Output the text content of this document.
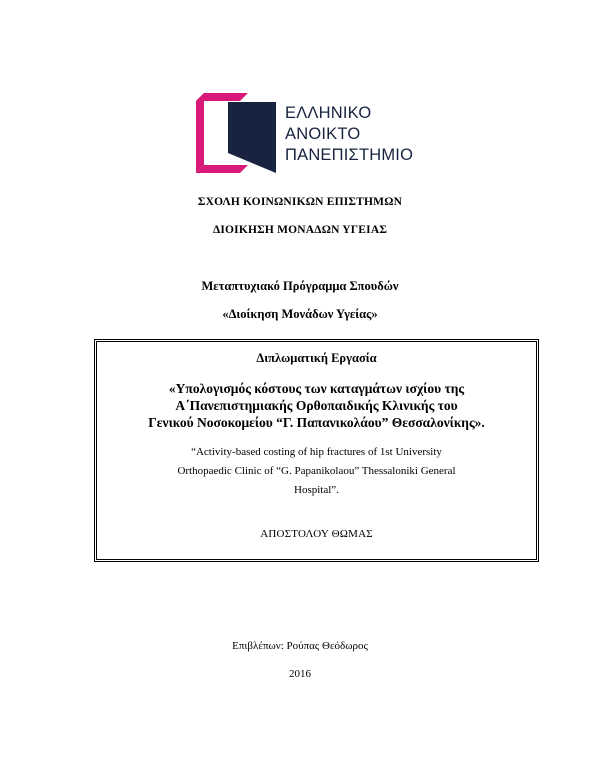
ΕΛΛΗΝΙΚΟ
ΑΝΟΙΚΤΟ
ΠΑΝΕΠΙΣΤΗΜΙΟ
ΣΧΟΛΗ ΚΟΙΝΩΝΙΚΩΝ ΕΠΙΣΤΗΜΩΝ
ΔΙΟΙΚΗΣΗ ΜΟΝΑΔΩΝ ΥΓΕΙΑΣ
Μεταπτυχιακό Πρόγραμμα Σπουδών
«Διοίκηση Μονάδων Υγείας»
Διπλωματική Εργασία
«Υπολογισμός κόστους των καταγμάτων ισχίου της
Α΄Πανεπιστημιακής Ορθοπαιδικής Κλινικής του
Γενικού Νοσοκομείου “Γ. Παπανικολάου” Θεσσαλονίκης».
“Activity-based costing of hip fractures of 1st University
Orthopaedic Clinic of “G. Papanikolaou” Thessaloniki General
Hospital”.
ΑΠΟΣΤΟΛΟΥ ΘΩΜΑΣ
Επιβλέπων: Ρούπας Θεόδωρος
2016
